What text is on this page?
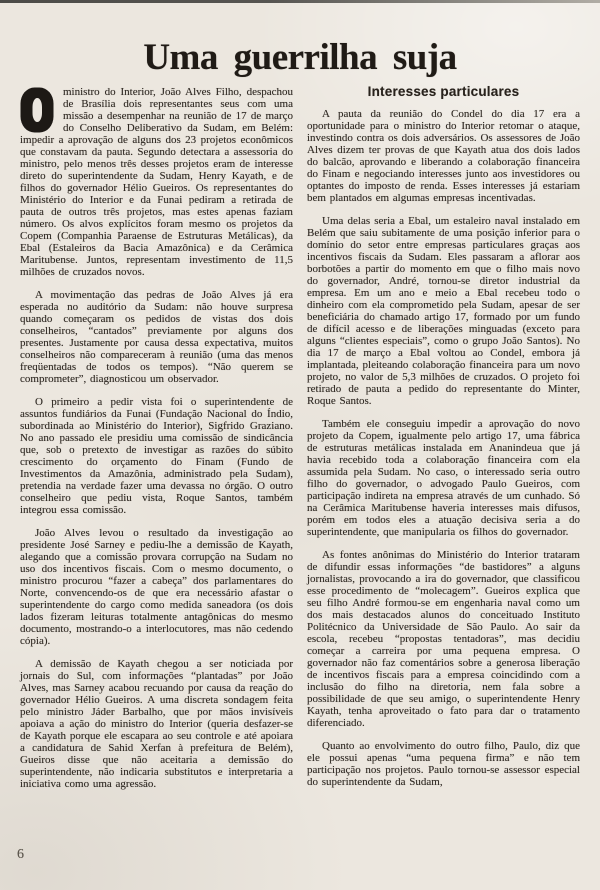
Uma guerrilha suja

ministro do Interior, João Alves Filho, despachou de Brasília dois representantes seus com uma missão a desempenhar na reunião de 17 de março do Conselho Deliberativo da Sudam, em Belém: impedir a aprovação de alguns dos 23 projetos econômicos que constavam da pauta. Segundo detectara a assessoria do ministro, pelo menos três desses projetos eram de interesse direto do superintendente da Sudam, Henry Kayath, e de filhos do governador Hélio Gueiros. Os representantes do Ministério do Interior e da Funai pediram a retirada de pauta de outros três projetos, mas estes apenas faziam número. Os alvos explícitos foram mesmo os projetos da Copem (Companhia Paraense de Estruturas Metálicas), da Ebal (Estaleiros da Bacia Amazônica) e da Cerâmica Maritubense. Juntos, representam investimento de 11,5 milhões de cruzados novos.

A movimentação das pedras de João Alves já era esperada no auditório da Sudam: não houve surpresa quando começaram os pedidos de vistas dos dois conselheiros, “cantados” previamente por alguns dos presentes. Justamente por causa dessa expectativa, muitos conselheiros não compareceram à reunião (uma das menos freqüentadas de todos os tempos). “Não querem se comprometer”, diagnosticou um observador.

O primeiro a pedir vista foi o superintendente de assuntos fundiários da Funai (Fundação Nacional do Índio, subordinada ao Ministério do Interior), Sigfrido Graziano. No ano passado ele presidiu uma comissão de sindicância que, sob o pretexto de investigar as razões do súbito crescimento do orçamento do Finam (Fundo de Investimentos da Amazônia, administrado pela Sudam), pretendia na verdade fazer uma devassa no órgão. O outro conselheiro que pediu vista, Roque Santos, também integrou essa comissão.

João Alves levou o resultado da investigação ao presidente José Sarney e pediu-lhe a demissão de Kayath, alegando que a comissão provara corrupção na Sudam no uso dos incentivos fiscais. Com o mesmo documento, o ministro procurou “fazer a cabeça” dos parlamentares do Norte, convencendo-os de que era necessário afastar o superintendente do cargo como medida saneadora (os dois lados fizeram leituras totalmente antagônicas do mesmo documento, mostrando-o a interlocutores, mas não cedendo cópia).

A demissão de Kayath chegou a ser noticiada por jornais do Sul, com informações “plantadas” por João Alves, mas Sarney acabou recuando por causa da reação do governador Hélio Gueiros. A uma discreta sondagem feita pelo ministro Jáder Barbalho, que por mãos invisíveis apoiava a ação do ministro do Interior (queria desfazer-se de Kayath porque ele escapara ao seu controle e até apoiara a candidatura de Sahid Xerfan à prefeitura de Belém), Gueiros disse que não aceitaria a demissão do superintendente, não indicaria substitutos e interpretaria a iniciativa como uma agressão.

Interesses particulares

A pauta da reunião do Condel do dia 17 era a oportunidade para o ministro do Interior retomar o ataque, investindo contra os dois adversários. Os assessores de João Alves dizem ter provas de que Kayath atua dos dois lados do balcão, aprovando e liberando a colaboração financeira do Finam e negociando interesses junto aos investidores ou optantes do imposto de renda. Esses interesses já estariam bem plantados em algumas empresas incentivadas.

Uma delas seria a Ebal, um estaleiro naval instalado em Belém que saiu subitamente de uma posição inferior para o domínio do setor entre empresas particulares graças aos incentivos fiscais da Sudam. Eles passaram a aflorar aos borbotões a partir do momento em que o filho mais novo do governador, André, tornou-se diretor industrial da empresa. Em um ano e meio a Ebal recebeu todo o dinheiro com ela comprometido pela Sudam, apesar de ser beneficiária do chamado artigo 17, formado por um fundo de difícil acesso e de liberações minguadas (exceto para alguns “clientes especiais”, como o grupo João Santos). No dia 17 de março a Ebal voltou ao Condel, embora já implantada, pleiteando colaboração financeira para um novo projeto, no valor de 5,3 milhões de cruzados. O projeto foi retirado de pauta a pedido do representante do Minter, Roque Santos.

Também ele conseguiu impedir a aprovação do novo projeto da Copem, igualmente pelo artigo 17, uma fábrica de estruturas metálicas instalada em Ananindeua que já havia recebido toda a colaboração financeira com ela assumida pela Sudam. No caso, o interessado seria outro filho do governador, o advogado Paulo Gueiros, com participação indireta na empresa através de um cunhado. Só na Cerâmica Maritubense haveria interesses mais difusos, porém em todos eles a atuação decisiva seria a do superintendente, que manipularia os filhos do governador.

As fontes anônimas do Ministério do Interior trataram de difundir essas informações “de bastidores” a alguns jornalistas, provocando a ira do governador, que classificou esse procedimento de “molecagem”. Gueiros explica que seu filho André formou-se em engenharia naval como um dos mais destacados alunos do conceituado Instituto Politécnico da Universidade de São Paulo. Ao sair da escola, recebeu “propostas tentadoras”, mas decidiu começar a carreira por uma pequena empresa. O governador não faz comentários sobre a generosa liberação de incentivos fiscais para a empresa coincidindo com a inclusão do filho na diretoria, nem fala sobre a possibilidade de que seu amigo, o superintendente Henry Kayath, tenha aproveitado o fato para dar o tratamento diferenciado.

Quanto ao envolvimento do outro filho, Paulo, diz que ele possui apenas “uma pequena firma” e não tem participação nos projetos. Paulo tornou-se assessor especial do superintendente da Sudam,

6
